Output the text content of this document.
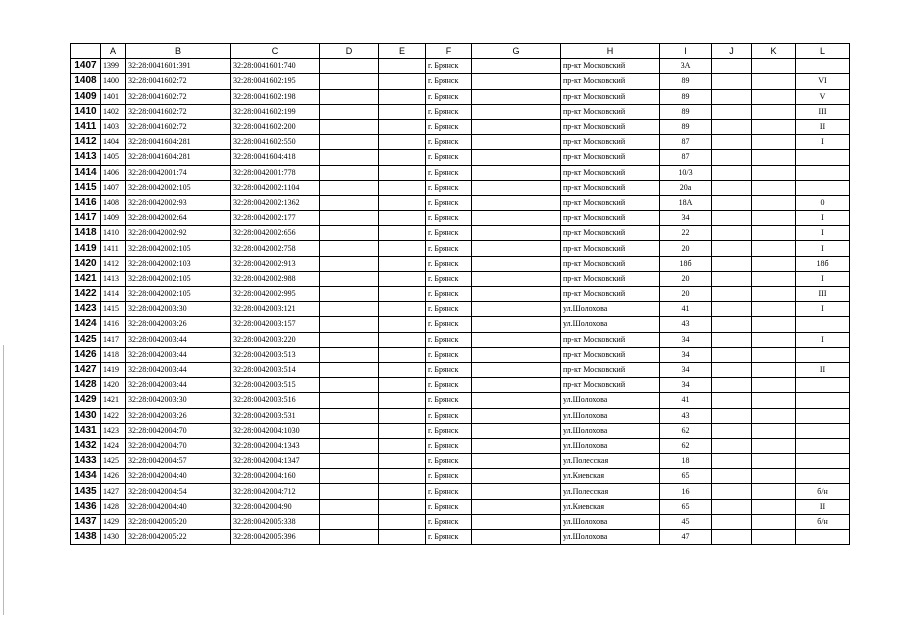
	A	B	C	D	E	F	G	H	I	J	K	L
1407	1399	32:28:0041601:391	32:28:0041601:740			г. Брянск		пр-кт Московский	3А			
1408	1400	32:28:0041602:72	32:28:0041602:195			г. Брянск		пр-кт Московский	89			VI
1409	1401	32:28:0041602:72	32:28:0041602:198			г. Брянск		пр-кт Московский	89			V
1410	1402	32:28:0041602:72	32:28:0041602:199			г. Брянск		пр-кт Московский	89			III
1411	1403	32:28:0041602:72	32:28:0041602:200			г. Брянск		пр-кт Московский	89			II
1412	1404	32:28:0041604:281	32:28:0041602:550			г. Брянск		пр-кт Московский	87			I
1413	1405	32:28:0041604:281	32:28:0041604:418			г. Брянск		пр-кт Московский	87			
1414	1406	32:28:0042001:74	32:28:0042001:778			г. Брянск		пр-кт Московский	10/3			
1415	1407	32:28:0042002:105	32:28:0042002:1104			г. Брянск		пр-кт Московский	20а			
1416	1408	32:28:0042002:93	32:28:0042002:1362			г. Брянск		пр-кт Московский	18А			0
1417	1409	32:28:0042002:64	32:28:0042002:177			г. Брянск		пр-кт Московский	34			I
1418	1410	32:28:0042002:92	32:28:0042002:656			г. Брянск		пр-кт Московский	22			I
1419	1411	32:28:0042002:105	32:28:0042002:758			г. Брянск		пр-кт Московский	20			I
1420	1412	32:28:0042002:103	32:28:0042002:913			г. Брянск		пр-кт Московский	18б			18б
1421	1413	32:28:0042002:105	32:28:0042002:988			г. Брянск		пр-кт Московский	20			I
1422	1414	32:28:0042002:105	32:28:0042002:995			г. Брянск		пр-кт Московский	20			III
1423	1415	32:28:0042003:30	32:28:0042003:121			г. Брянск		ул.Шолохова	41			I
1424	1416	32:28:0042003:26	32:28:0042003:157			г. Брянск		ул.Шолохова	43			
1425	1417	32:28:0042003:44	32:28:0042003:220			г. Брянск		пр-кт Московский	34			I
1426	1418	32:28:0042003:44	32:28:0042003:513			г. Брянск		пр-кт Московский	34			
1427	1419	32:28:0042003:44	32:28:0042003:514			г. Брянск		пр-кт Московский	34			II
1428	1420	32:28:0042003:44	32:28:0042003:515			г. Брянск		пр-кт Московский	34			
1429	1421	32:28:0042003:30	32:28:0042003:516			г. Брянск		ул.Шолохова	41			
1430	1422	32:28:0042003:26	32:28:0042003:531			г. Брянск		ул.Шолохова	43			
1431	1423	32:28:0042004:70	32:28:0042004:1030			г. Брянск		ул.Шолохова	62			
1432	1424	32:28:0042004:70	32:28:0042004:1343			г. Брянск		ул.Шолохова	62			
1433	1425	32:28:0042004:57	32:28:0042004:1347			г. Брянск		ул.Полесская	18			
1434	1426	32:28:0042004:40	32:28:0042004:160			г. Брянск		ул.Киевская	65			
1435	1427	32:28:0042004:54	32:28:0042004:712			г. Брянск		ул.Полесская	16			б/н
1436	1428	32:28:0042004:40	32:28:0042004:90			г. Брянск		ул.Киевская	65			II
1437	1429	32:28:0042005:20	32:28:0042005:338			г. Брянск		ул.Шолохова	45			б/н
1438	1430	32:28:0042005:22	32:28:0042005:396			г. Брянск		ул.Шолохова	47			
